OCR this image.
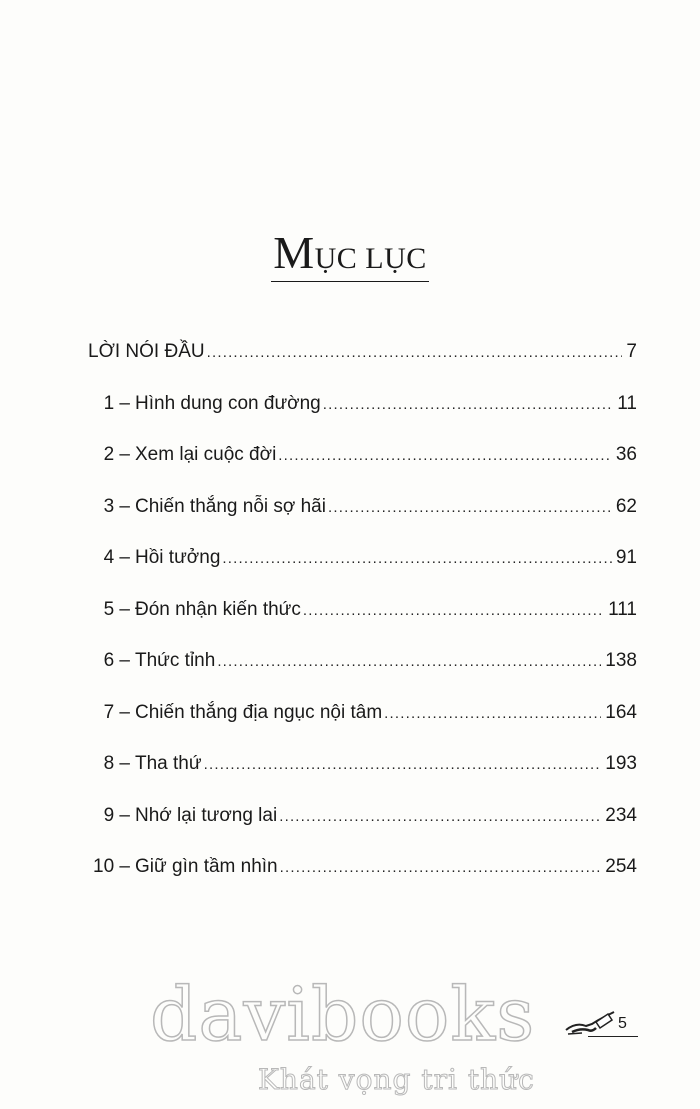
MỤC LỤC
LỜI NÓI ĐẦU .....	7
1 – Hình dung con đường .....	11
2 – Xem lại cuộc đời .....	36
3 – Chiến thắng nỗi sợ hãi .....	62
4 – Hồi tưởng .....	91
5 – Đón nhận kiến thức .....	111
6 – Thức tỉnh .....	138
7 – Chiến thắng địa ngục nội tâm .....	164
8 – Tha thứ .....	193
9 – Nhớ lại tương lai .....	234
10 – Giữ gìn tầm nhìn .....	254
5
davibooks
Khát vọng tri thức
